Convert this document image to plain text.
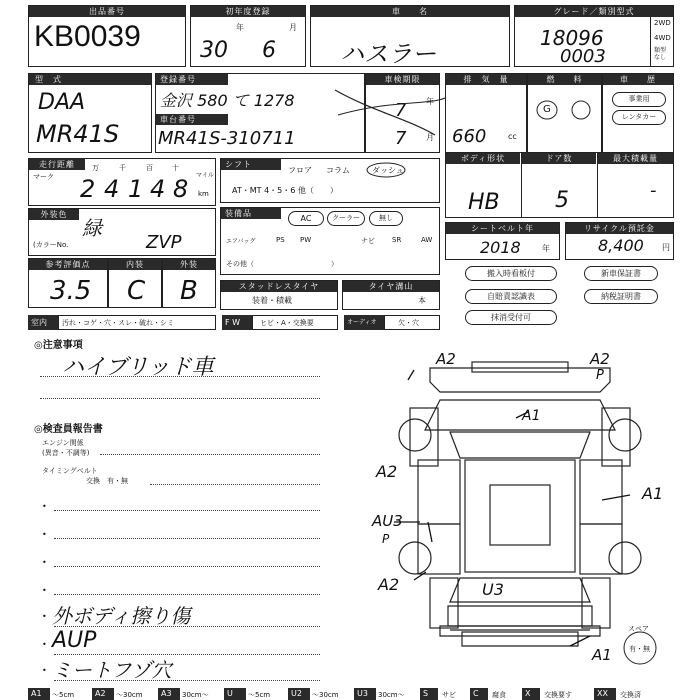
出品番号
KB0039
初年度登録
年	月
30 6
車　　名
ハスラー
グレード／類別型式
2WD
4WD
類型
なし
18096
0003
型　式
DAA
MR41S
登録番号
金沢 580 て 1278
車台番号
MR41S-310711
車検期限
年
月
7
7
排　気　量
660	cc
燃　　料
G
車　　歴
事業用
レンタカー
走行距離
マーク
万	千	百	十
マイル
km
2 4 1 4 8
シフト
フロア コラム	ダッシュ
AT・MT 4・5・6 他（　　）
ボディ形状	ドア数	最大積載量
HB	5	-
外装色
緑
(カラーNo.	ZVP
装備品
AC	クーラー	無し
エアバッグ	PS PW	ナビ SR	AW
その他（　　　　　　　　　　　）
シートベルト年
2018	年
リサイクル預託金
8,400 円
参考評価点
3.5
内装
C
外装
B	スタッドレスタイヤ
装着・積載
タイヤ溝山
本
搬入時看板付	新車保証書
自賠責認識表	納税証明書
抹消受付可
室内	汚れ・コゲ・穴・スレ・破れ・シミ	F W	ヒビ・A・交換要	オーディオ	欠・穴
◎注意事項
ハイブリッド車
◎検査員報告書
エンジン関係
(異音・不調等)
タイミングベルト
交換　有・無
•
•
•
•
• 外ボディ擦り傷
• AUP
• ミートフゾ穴
A2	A2
P
A1
A2
A1
AU3
P
A2	U3
A1
スペア
有・無
A1	～5cm	A2	～30cm	A3	30cm～	U	～5cm	U2	～30cm	U3	30cm～	S	サビ	C	腐食	X	交換要す	XX	交換済
